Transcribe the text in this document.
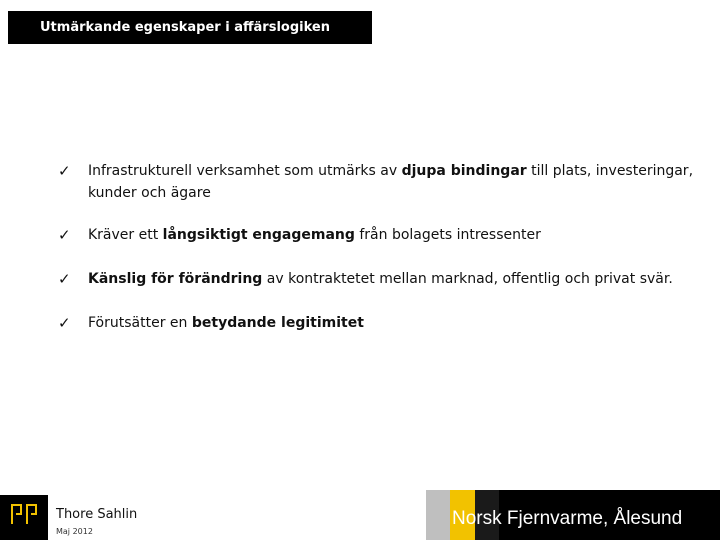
Utmärkande egenskaper i affärslogiken
✓ Infrastrukturell verksamhet som utmärks av djupa bindingar till plats, investeringar, kunder och ägare
✓ Kräver ett långsiktigt engagemang från bolagets intressenter
✓ Känslig för förändring av kontraktetet mellan marknad, offentlig och privat svär.
✓ Förutsätter en betydande legitimitet
Thore Sahlin
Maj 2012
Norsk Fjernvarme, Ålesund
